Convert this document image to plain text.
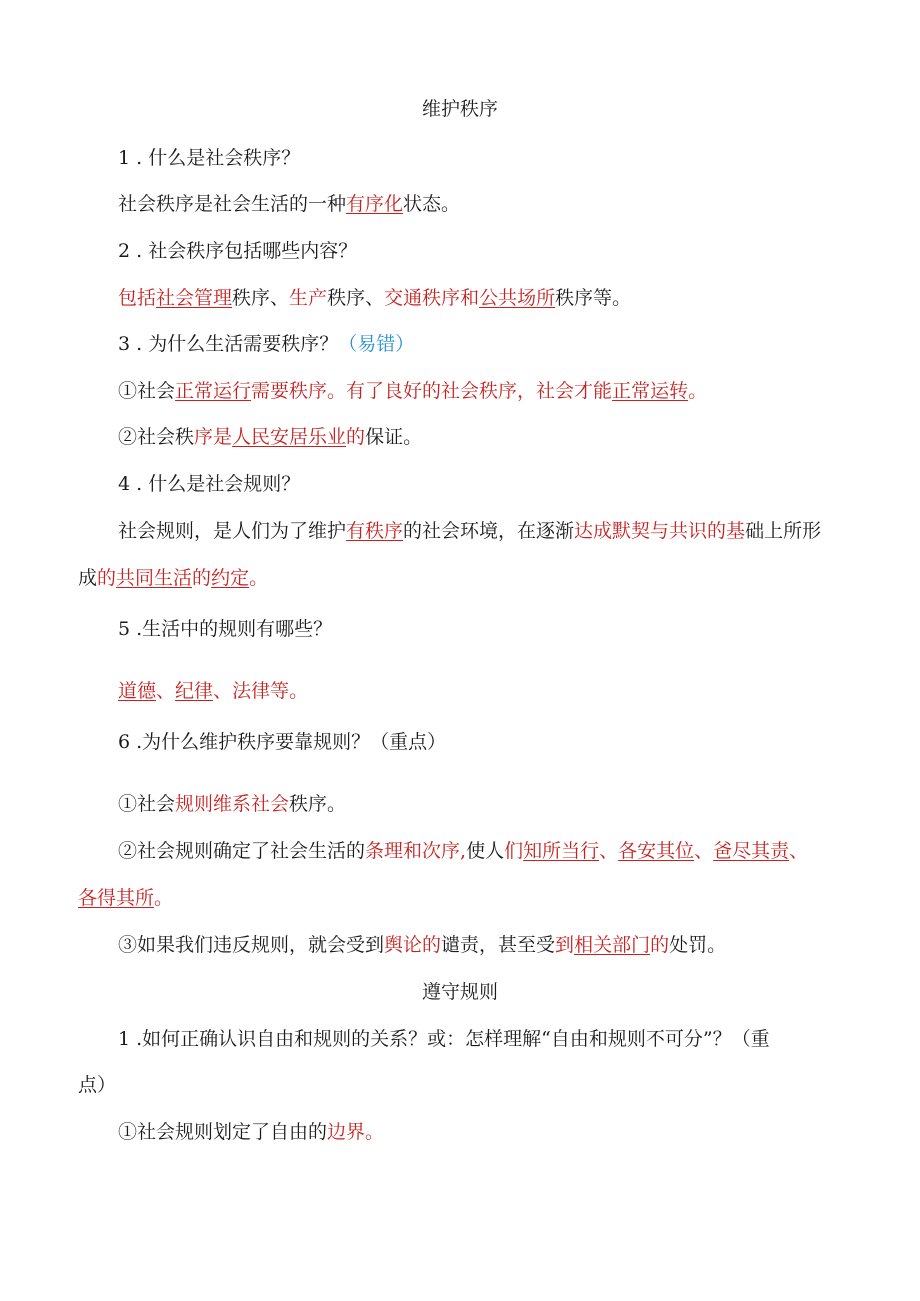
维护秩序
1 . 什么是社会秩序？
社会秩序是社会生活的一种有序化状态。
2 . 社会秩序包括哪些内容？
包括社会管理秩序、生产秩序、交通秩序和公共场所秩序等。
3 . 为什么生活需要秩序？（易错）
①社会正常运行需要秩序。有了良好的社会秩序，社会才能正常运转。
②社会秩序是人民安居乐业的保证。
4 . 什么是社会规则？
社会规则，是人们为了维护有秩序的社会环境，在逐渐达成默契与共识的基础上所形
成的共同生活的约定。
5 .生活中的规则有哪些？
道德、纪律、法律等。
6 .为什么维护秩序要靠规则？（重点）
①社会规则维系社会秩序。
②社会规则确定了社会生活的条理和次序,使人们知所当行、各安其位、爸尽其责、
各得其所。
③如果我们违反规则，就会受到舆论的谴责，甚至受到相关部门的处罚。
遵守规则
1 .如何正确认识自由和规则的关系？或：怎样理解“自由和规则不可分”？（重
点）
①社会规则划定了自由的边界。
